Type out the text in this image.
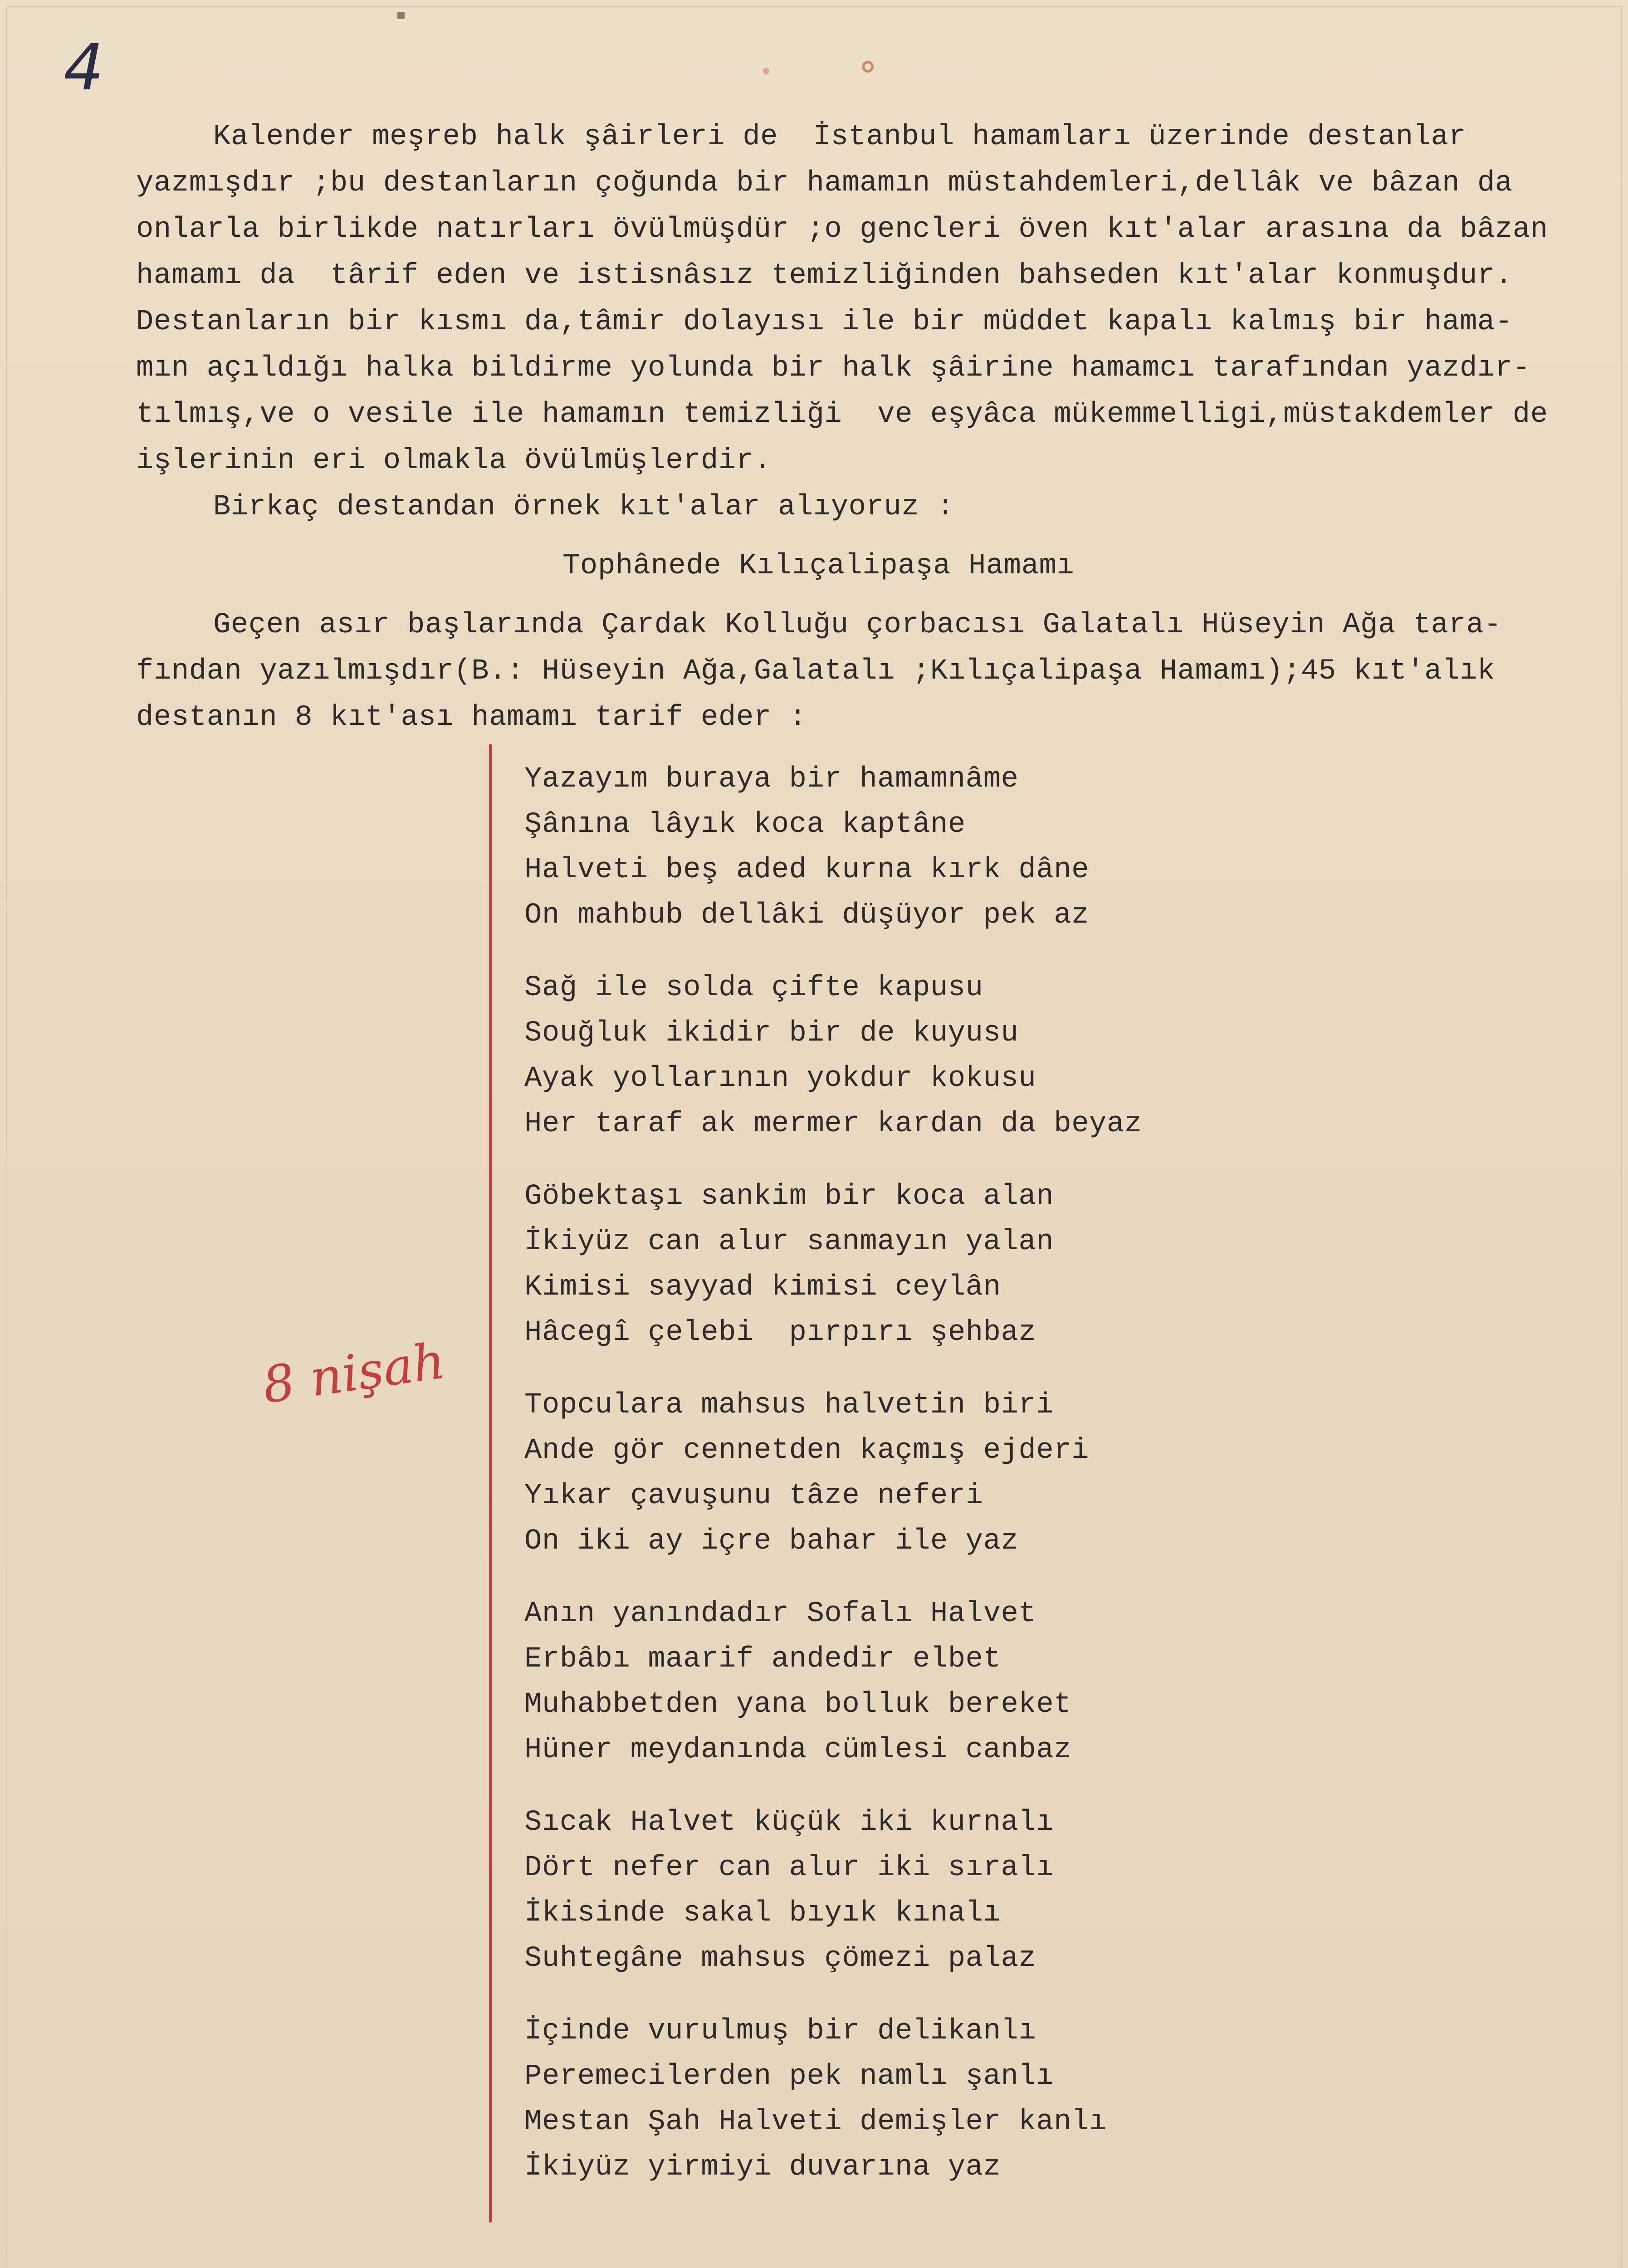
4

Kalender meşreb halk şâirleri de  İstanbul hamamları üzerinde destanlar

yazmışdır ;bu destanların çoğunda bir hamamın müstahdemleri,dellâk ve bâzan da

onlarla birlikde natırları övülmüşdür ;o gencleri öven kıt'alar arasına da bâzan

hamamı da  târif eden ve istisnâsız temizliğinden bahseden kıt'alar konmuşdur.

Destanların bir kısmı da,tâmir dolayısı ile bir müddet kapalı kalmış bir hama-

mın açıldığı halka bildirme yolunda bir halk şâirine hamamcı tarafından yazdır-

tılmış,ve o vesile ile hamamın temizliği  ve eşyâca mükemmelligi,müstakdemler de

işlerinin eri olmakla övülmüşlerdir.

Birkaç destandan örnek kıt'alar alıyoruz :

Tophânede Kılıçalipaşa Hamamı

Geçen asır başlarında Çardak Kolluğu çorbacısı Galatalı Hüseyin Ağa tara-

fından yazılmışdır(B.: Hüseyin Ağa,Galatalı ;Kılıçalipaşa Hamamı);45 kıt'alık

destanın 8 kıt'ası hamamı tarif eder :

8 nişah

Yazayım buraya bir hamamnâme

Şânına lâyık koca kaptâne

Halveti beş aded kurna kırk dâne

On mahbub dellâki düşüyor pek az

Sağ ile solda çifte kapusu

Souğluk ikidir bir de kuyusu

Ayak yollarının yokdur kokusu

Her taraf ak mermer kardan da beyaz

Göbektaşı sankim bir koca alan

İkiyüz can alur sanmayın yalan

Kimisi sayyad kimisi ceylân

Hâcegî çelebi  pırpırı şehbaz

Topculara mahsus halvetin biri

Ande gör cennetden kaçmış ejderi

Yıkar çavuşunu tâze neferi

On iki ay içre bahar ile yaz

Anın yanındadır Sofalı Halvet

Erbâbı maarif andedir elbet

Muhabbetden yana bolluk bereket

Hüner meydanında cümlesi canbaz

Sıcak Halvet küçük iki kurnalı

Dört nefer can alur iki sıralı

İkisinde sakal bıyık kınalı

Suhtegâne mahsus çömezi palaz

İçinde vurulmuş bir delikanlı

Peremecilerden pek namlı şanlı

Mestan Şah Halveti demişler kanlı

İkiyüz yirmiyi duvarına yaz
